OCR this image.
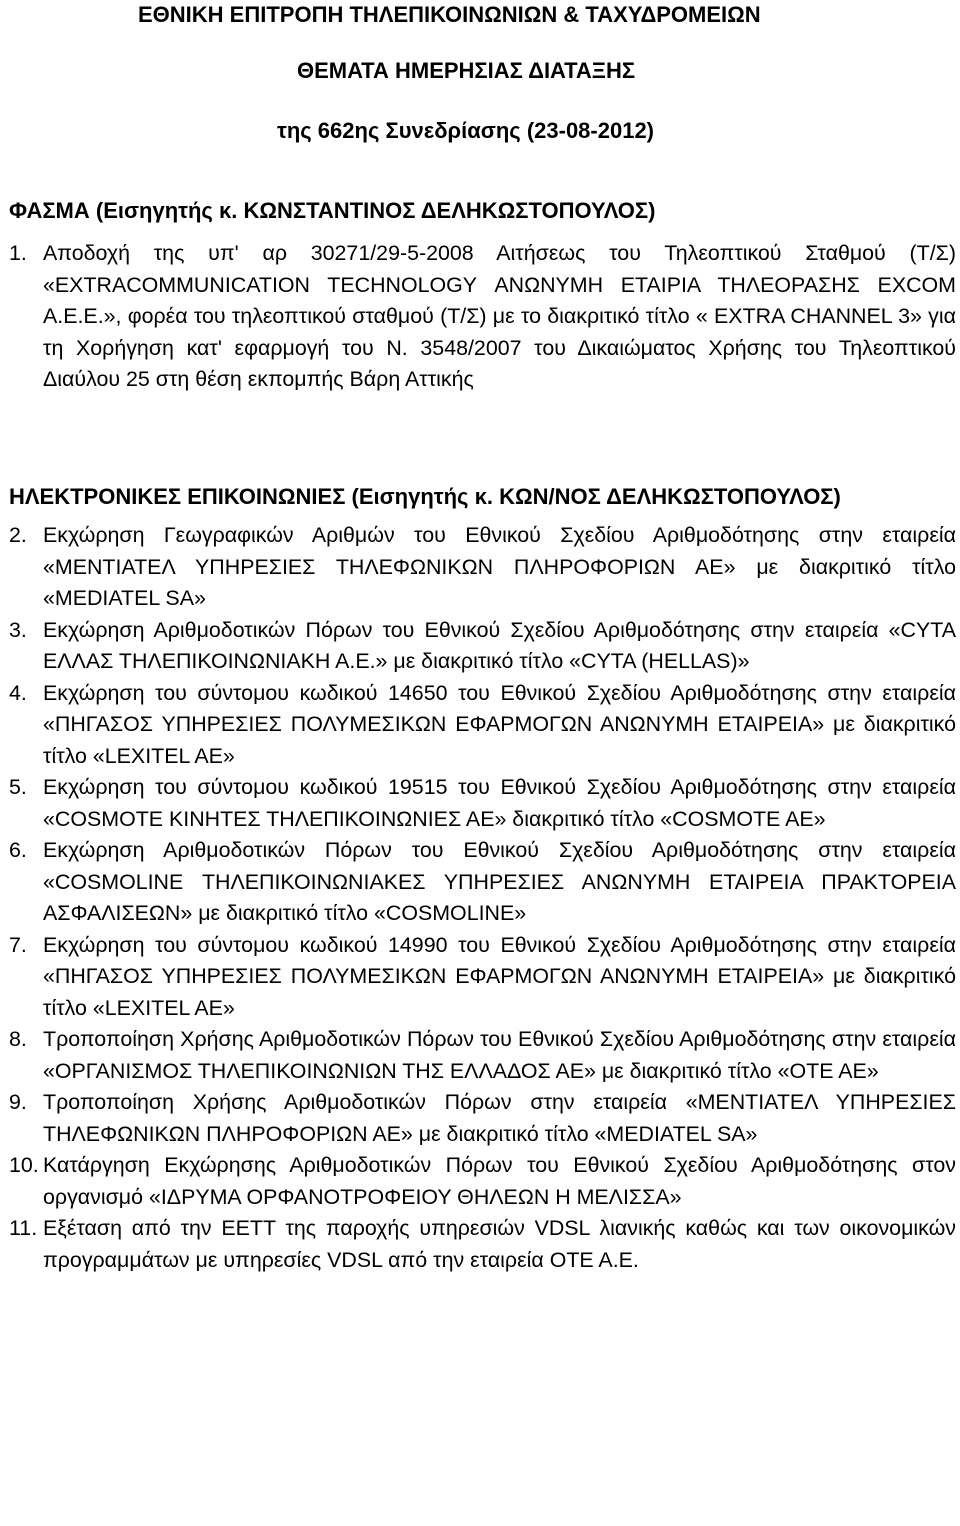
ΕΘΝΙΚΗ ΕΠΙΤΡΟΠΗ ΤΗΛΕΠΙΚΟΙΝΩΝΙΩΝ & ΤΑΧΥΔΡΟΜΕΙΩΝ
ΘΕΜΑΤΑ ΗΜΕΡΗΣΙΑΣ ΔΙΑΤΑΞΗΣ
της 662ης Συνεδρίασης (23-08-2012)
ΦΑΣΜΑ (Εισηγητής κ. ΚΩΝΣΤΑΝΤΙΝΟΣ ΔΕΛΗΚΩΣΤΟΠΟΥΛΟΣ)
1. Αποδοχή της υπ' αρ 30271/29-5-2008 Αιτήσεως του Τηλεοπτικού Σταθμού (Τ/Σ) «EXTRACOMMUNICATION TECHNOLOGY ΑΝΩΝΥΜΗ ΕΤΑΙΡΙΑ ΤΗΛΕΟΡΑΣΗΣ EXCOM Α.Ε.Ε.», φορέα του τηλεοπτικού σταθμού (Τ/Σ) με το διακριτικό τίτλο « EXTRA CHANNEL 3» για τη Χορήγηση κατ' εφαρμογή του Ν. 3548/2007 του Δικαιώματος Χρήσης του Τηλεοπτικού Διαύλου 25 στη θέση εκπομπής Βάρη Αττικής
ΗΛΕΚΤΡΟΝΙΚΕΣ ΕΠΙΚΟΙΝΩΝΙΕΣ (Εισηγητής κ. ΚΩΝ/ΝΟΣ ΔΕΛΗΚΩΣΤΟΠΟΥΛΟΣ)
2. Εκχώρηση Γεωγραφικών Αριθμών του Εθνικού Σχεδίου Αριθμοδότησης στην εταιρεία «ΜΕΝΤΙΑΤΕΛ ΥΠΗΡΕΣΙΕΣ ΤΗΛΕΦΩΝΙΚΩΝ ΠΛΗΡΟΦΟΡΙΩΝ ΑΕ» με διακριτικό τίτλο «MEDIATEL SA»
3. Εκχώρηση Αριθμοδοτικών Πόρων του Εθνικού Σχεδίου Αριθμοδότησης στην εταιρεία «CYTA ΕΛΛΑΣ ΤΗΛΕΠΙΚΟΙΝΩΝΙΑΚΗ Α.Ε.» με διακριτικό τίτλο «CYTA (HELLAS)»
4. Εκχώρηση του σύντομου κωδικού 14650 του Εθνικού Σχεδίου Αριθμοδότησης στην εταιρεία «ΠΗΓΑΣΟΣ ΥΠΗΡΕΣΙΕΣ ΠΟΛΥΜΕΣΙΚΩΝ ΕΦΑΡΜΟΓΩΝ ΑΝΩΝΥΜΗ ΕΤΑΙΡΕΙΑ» με διακριτικό τίτλο «LEXITEL AE»
5. Εκχώρηση του σύντομου κωδικού 19515 του Εθνικού Σχεδίου Αριθμοδότησης στην εταιρεία «COSMOTE ΚΙΝΗΤΕΣ ΤΗΛΕΠΙΚΟΙΝΩΝΙΕΣ ΑΕ» διακριτικό τίτλο «COSMOTE AE»
6. Εκχώρηση Αριθμοδοτικών Πόρων του Εθνικού Σχεδίου Αριθμοδότησης στην εταιρεία «COSMOLINE ΤΗΛΕΠΙΚΟΙΝΩΝΙΑΚΕΣ ΥΠΗΡΕΣΙΕΣ ΑΝΩΝΥΜΗ ΕΤΑΙΡΕΙΑ ΠΡΑΚΤΟΡΕΙΑ ΑΣΦΑΛΙΣΕΩΝ» με διακριτικό τίτλο «COSMOLINE»
7. Εκχώρηση του σύντομου κωδικού 14990 του Εθνικού Σχεδίου Αριθμοδότησης στην εταιρεία «ΠΗΓΑΣΟΣ ΥΠΗΡΕΣΙΕΣ ΠΟΛΥΜΕΣΙΚΩΝ ΕΦΑΡΜΟΓΩΝ ΑΝΩΝΥΜΗ ΕΤΑΙΡΕΙΑ» με διακριτικό τίτλο «LEXITEL AE»
8. Τροποποίηση Χρήσης Αριθμοδοτικών Πόρων του Εθνικού Σχεδίου Αριθμοδότησης στην εταιρεία «ΟΡΓΑΝΙΣΜΟΣ ΤΗΛΕΠΙΚΟΙΝΩΝΙΩΝ ΤΗΣ ΕΛΛΑΔΟΣ ΑΕ» με διακριτικό τίτλο «ΟΤΕ ΑΕ»
9. Τροποποίηση Χρήσης Αριθμοδοτικών Πόρων στην εταιρεία «ΜΕΝΤΙΑΤΕΛ ΥΠΗΡΕΣΙΕΣ ΤΗΛΕΦΩΝΙΚΩΝ ΠΛΗΡΟΦΟΡΙΩΝ ΑΕ» με διακριτικό τίτλο «MEDIATEL SA»
10. Κατάργηση Εκχώρησης Αριθμοδοτικών Πόρων του Εθνικού Σχεδίου Αριθμοδότησης στον οργανισμό «ΙΔΡΥΜΑ ΟΡΦΑΝΟΤΡΟΦΕΙΟΥ ΘΗΛΕΩΝ Η ΜΕΛΙΣΣΑ»
11. Εξέταση από την ΕΕΤΤ της παροχής υπηρεσιών VDSL λιανικής καθώς και των οικονομικών προγραμμάτων με υπηρεσίες VDSL από την εταιρεία ΟΤΕ Α.Ε.
